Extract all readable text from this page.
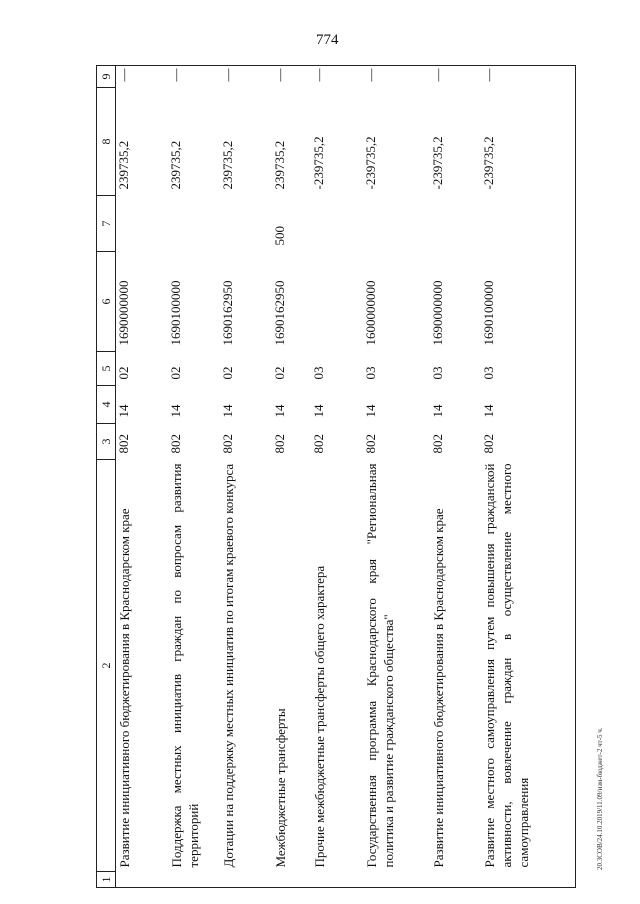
774
20.3СОВ/24.10.2019/11.09/изм-бюджет-2 чт-5 ч.
1	2	3	4	5	6	7	8	9
	Развитие инициативного бюджетирования в Краснодарском крае	802	14	02	1690000000		239735,2	—
	Поддержка местных инициатив граждан по вопросам развития территорий	802	14	02	1690100000		239735,2	—
	Дотации на поддержку местных инициатив по итогам краевого конкурса	802	14	02	1690162950		239735,2	—
	Межбюджетные трансферты	802	14	02	1690162950	500	239735,2	—
	Прочие межбюджетные трансферты общего характера	802	14	03			-239735,2	—
	Государственная программа Краснодарского края "Региональная политика и развитие гражданского общества"	802	14	03	1600000000		-239735,2	—
	Развитие инициативного бюджетирования в Краснодарском крае	802	14	03	1690000000		-239735,2	—
	Развитие местного самоуправления путем повышения гражданской активности, вовлечение граждан в осуществление местного самоуправления	802	14	03	1690100000		-239735,2	—
